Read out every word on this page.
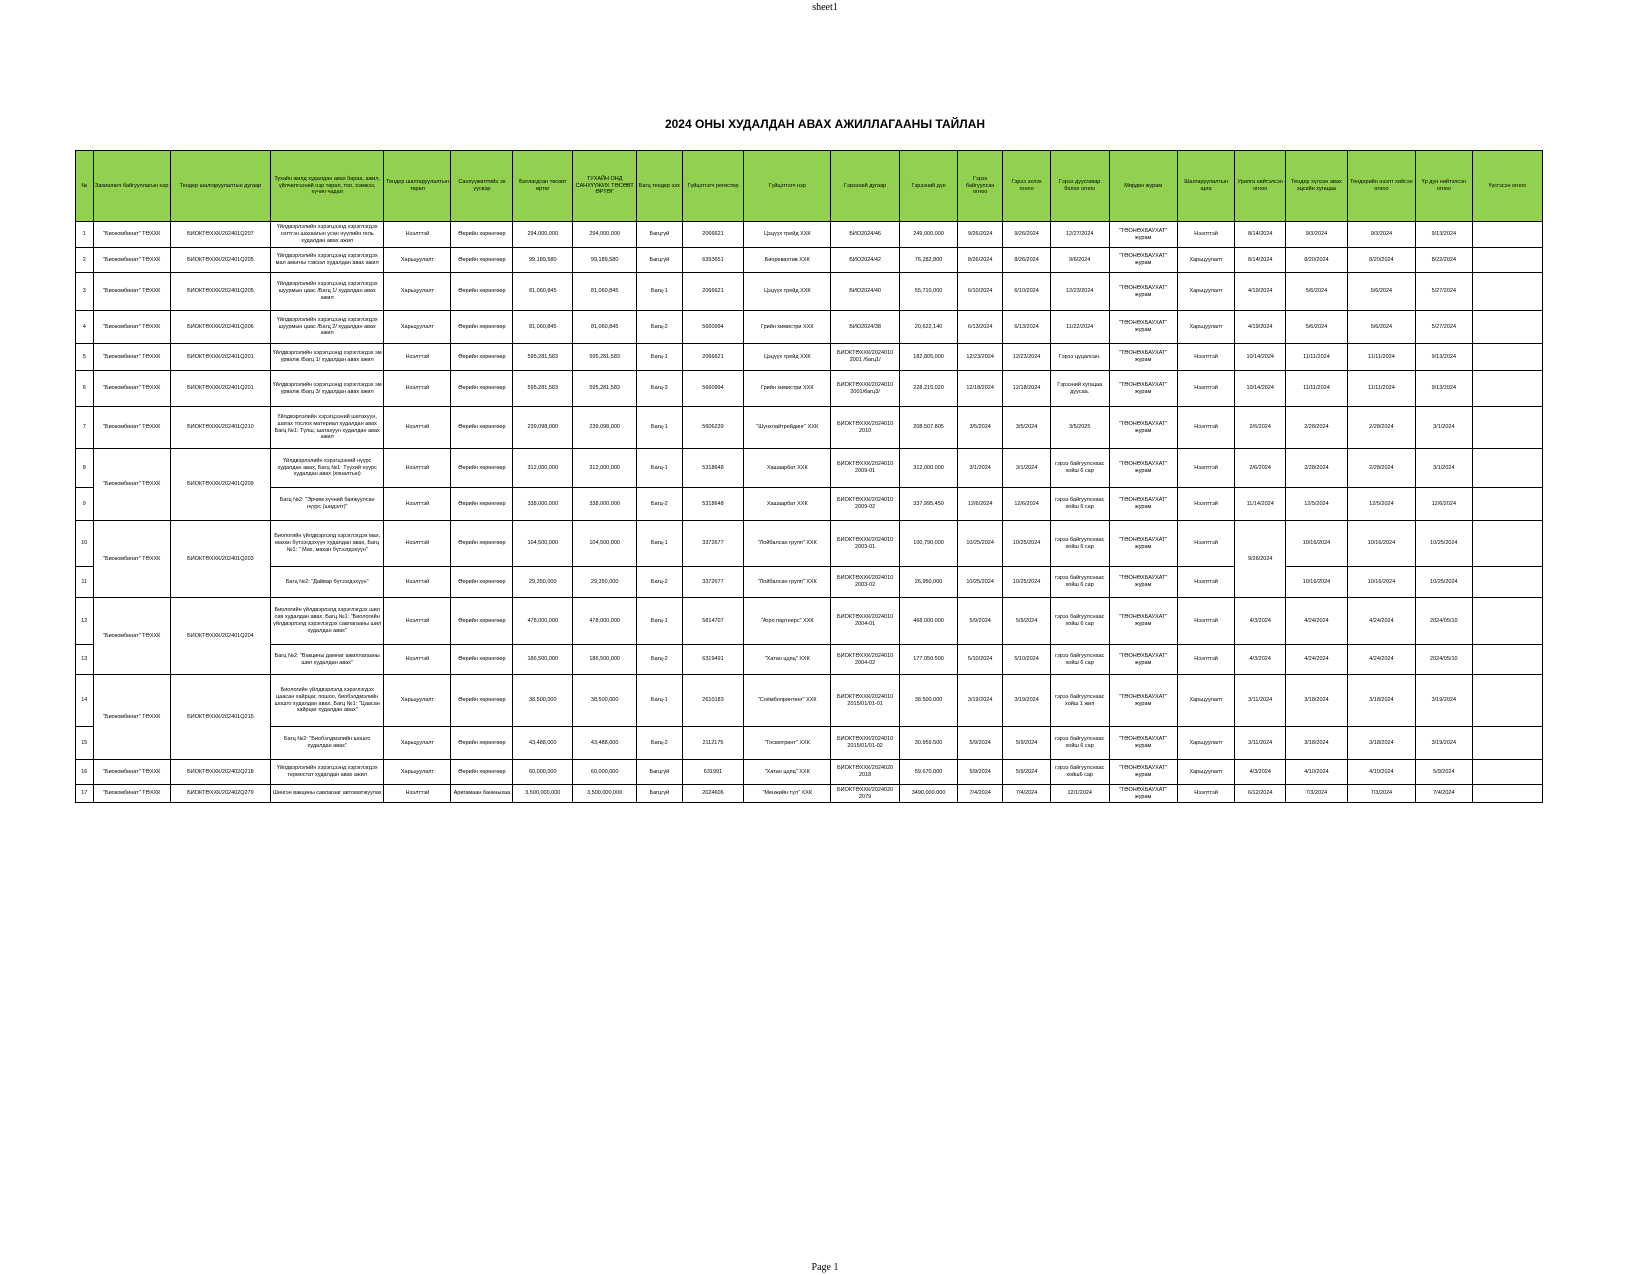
sheet1
2024 ОНЫ ХУДАЛДАН АВАХ АЖИЛЛАГААНЫ ТАЙЛАН
№	Захиалагч байгууллагын нэр	Тендер шалгаруулалтын дугаар	Тухайн жилд худалдан авах бараа, ажил, үйлчилгээний нэр төрөл, тоо, хэмжээ, хүчин чадал	Тендер шалгаруулалтын төрөл	Санхүүжилтийн эх үүсвэр	Батлагдсан төсөвт өртөг	ТУХАЙН ОНД САНХҮҮЖИХ ТӨСӨВТ ӨРТӨГ	Багц тендер ээх	Гүйцэтгэгч регистер	Гүйцэтгэгч нэр	Гэрээний дугаар	Гэрээний дүн	Гэрээ байгуулсан огноо	Гэрээ эхлэх огноо	Гэрээ дуусгавар болох огноо	Мөрдөн журам	Шалгаруулалтын арга	Урилга нийтэлсэн огноо	Тендер хүлээн авах эцсийн хугацаа	Тендерийн нээлт хийсэн огноо	Үр дүн нийтэлсэн огноо	Үүсгэсэн огноо
1	"Биокомбинат" ТӨХХК	БИОКТӨХХК/202401Q207	Үйлдвэрлэлийн хэрэгцээнд хэрэглэгдэх нэгтгэн шахаагын усан нүүлийн гель худалдан авах ажил	Нээлттэй	Өөрийн хөрөнгөөр	294,000,000	294,000,000	Багцгүй	2066621	Цэцүүх трейд ХХК	БИО2024/46	249,000,000	9/26/2024	9/26/2024	12/27/2024	"ТӨОНӨХБАУХАТ" журам	Нээлттэй	8/14/2024	9/3/2024	9/3/2024	9/13/2024	
2	"Биокомбинат" ТӨХХК	БИОКТӨХХК/202401Q205	Үйлдвэрлэлийн хэрэгцээнд хэрэглэгдэх мал амьтны тэжээл худалдан авах ажил	Харьцуулалт	Өөрийн хөрөнгөөр	99,189,580	99,189,580	Багцгүй	6393651	Биоревахтив ХХК	БИО2024/42	76,282,800	8/26/2024	8/26/2024	9/6/2024	"ТӨОНӨХБАУХАТ" журам	Харьцуулалт	8/14/2024	8/20/2024	8/20/2024	8/22/2024	
3	"Биокомбинат" ТӨХХК	БИОКТӨХХК/202401Q205	Үйлдвэрлэлийн хэрэгцээнд хэрэглэгдэх шуурмын цаас /Багц 1/ худалдан авах ажил	Харьцуулалт	Өөрийн хөрөнгөөр	81,060,845	81,060,845	Багц-1	2066621	Цэцүүх трейд ХХК	БИО2024/40	55,710,000	6/10/2024	6/10/2024	12/23/2024	"ТӨОНӨХБАУХАТ" журам	Харьцуулалт	4/19/2024	5/6/2024	5/6/2024	5/27/2024	
4	"Биокомбинат" ТӨХХК	БИОКТӨХХК/202401Q206	Үйлдвэрлэлийн хэрэгцээнд хэрэглэгдэх шуурмын цаас /Багц 2/ худалдан авах ажил	Харьцуулалт	Өөрийн хөрөнгөөр	81,060,845	81,060,845	Багц-2	5660994	Грийн химистри ХХК	БИО2024/38	20,622,140	6/13/2024	6/13/2024	11/22/2024	"ТӨОНӨХБАУХАТ" журам	Харьцуулалт	4/19/2024	5/6/2024	5/6/2024	5/27/2024	
5	"Биокомбинат" ТӨХХК	БИОКТӨХХК/202401Q201	Үйлдвэрлэлийн хэрэгцээнд хэрэглэгдэх эм урвалж /Багц 1/ худалдан авах ажил	Нээлттэй	Өөрийн хөрөнгөөр	595,281,583	595,281,583	Багц-1	2066621	Цэцүүх трейд ХХК	БИОКТӨХХК/2024010 2001 /багц1/	182,805,000	12/23/2024	12/23/2024	Гэрээ цуцалсан.	"ТӨОНӨХБАУХАТ" журам	Нээлттэй	10/14/2024	11/11/2024	11/11/2024	9/13/2024	
6	"Биокомбинат" ТӨХХК	БИОКТӨХХК/202401Q201	Үйлдвэрлэлийн хэрэгцээнд хэрэглэгдэх эм урвалж /Багц 3/ худалдан авах ажил	Нээлттэй	Өөрийн хөрөнгөөр	595,281,583	595,281,583	Багц-3	5660994	Грийн химистри ХХК	БИОКТӨХХК/2024010 2001/багц3/	228,215,020	12/18/2024	12/18/2024	Гэрээний хугацаа дуусаа.	"ТӨОНӨХБАУХАТ" журам	Нээлттэй	10/14/2024	11/11/2024	11/11/2024	9/13/2024	
7	"Биокомбинат" ТӨХХК	БИОКТӨХХК/202401Q210	Үйлдвэрлэлийн хэрэгцээний шатахуун, шатах тослох материал худалдан авах Багц №1: Түлш, шатахуун худалдан авах ажил	Нээлттэй	Өөрийн хөрөнгөөр	239,098,000	239,098,000	Багц-1	5606239	"Шунхлайтрейдинг" ХХК	БИОКТӨХХК/2024010 2010	208.507.805	3/5/2024	3/5/2024	3/5/2025	"ТӨОНӨХБАУХАТ" журам	Нээлттэй	2/6/2024	2/28/2024	2/28/2024	3/1/2024	
8	"Биокомбинат" ТӨХХК	БИОКТӨХХК/202401Q209	Үйлдвэрлэлийн хэрэгцээний нүүрс худалдан авах, Багц №1: Түүхий нүүрс худалдан авах (хяналтын)	Нээлттэй	Өөрийн хөрөнгөөр	312,000,000	312,000,000	Багц-1	5318648	Хашаарбат ХХК	БИОКТӨХХК/2024010 2009-01	312.000.000	3/1/2024	3/1/2024	гэрээ байгуулснаас хойш 6 сар	"ТӨОНӨХБАУХАТ" журам	Нээлттэй	2/6/2024	2/28/2024	2/28/2024	3/1/2024	
9			Багц №2: "Эрчим хүчний баяжуулсан нүүрс (шидэлт)"	Нээлттэй	Өөрийн хөрөнгөөр	338,000,000	338,000,000	Багц-2	5318648	Хашаарбат ХХК	БИОКТӨХХК/2024010 2009-02	337,995,450	12/6/2024	12/6/2024	гэрээ байгуулснаас хойш 6 сар	"ТӨОНӨХБАУХАТ" журам	Нээлттэй	11/14/2024	12/5/2024	12/5/2024	12/6/2024	
10	"Биокомбинат" ТӨХХК	БИОКТӨХХК/202401Q203	Биологийн үйлдвэрлэлд хэрэглэгдэх мах, махан бүтээгдэхүүн худалдан авах, Багц №1: " Мах, махан бүтээгдэхүүн"	Нээлттэй	Өөрийн хөрөнгөөр	104,500,000	104,500,000	Багц-1	3372677	"Лойбалсан групп" ХХК	БИОКТӨХХК/2024010 2003-01	100,790,000	10/25/2024	10/25/2024	гэрээ байгуулснаас хойш 6 сар	"ТӨОНӨХБАУХАТ" журам	Нээлттэй	9/26/2024	10/16/2024	10/16/2024	10/25/2024	
11			Багц №2: "Дайвар бүтээгдэхүүн"	Нээлттэй	Өөрийн хөрөнгөөр	29,350,000	29,350,000	Багц-2	3372677	"Лойбалсан групп" ХХК	БИОКТӨХХК/2024010 2003-02	26,950,000	10/25/2024	10/25/2024	гэрээ байгуулснаас хойш 6 сар	"ТӨОНӨХБАУХАТ" журам	Нээлттэй		10/16/2024	10/16/2024	10/25/2024	
12	"Биокомбинат" ТӨХХК	БИОКТӨХХК/202401Q204	Биологийн үйлдвэрлэлд хэрэглэгдэх шил сав худалдан авах, Багц №1: "Биологийн үйлдвэрлэлд хэрэглэгдэх савлагааны шил худалдан авах"	Нээлттэй	Өөрийн хөрөнгөөр	478,000,000	478,000,000	Багц-1	5814707	"Агро партнерс" ХХК	БИОКТӨХХК/2024010 2004-01	468.000.000	5/9/2024	5/9/2024	гэрээ байгуулснаас хойш 6 сар	"ТӨОНӨХБАУХАТ" журам	Нээлттэй	4/3/2024	4/24/2024	4/24/2024	2024/05/10	
13			Багц №2: "Вакцины дамнаг ажиллагааны шил худалдан авах"	Нээлттэй	Өөрийн хөрөнгөөр	186,500,000	186,500,000	Багц-2	6319491	"Хатан ццпц" ХХК	БИОКТӨХХК/2024010 2004-02	177.050.500	5/10/2024	5/10/2024	гэрээ байгуулснаас хойш 6 сар	"ТӨОНӨХБАУХАТ" журам	Нээлттэй	4/3/2024	4/24/2024	4/24/2024	2024/05/10	
14	"Биокомбинат" ТӨХХК	БИОКТӨХХК/202401Q215	Биологийн үйлдвэрлэлд хэрэглэгдэх цаасан хайрцаг, пошоо, биобэлдмэлийн шошго худалдан авах. Багц №1: "Цаасан хайрцаг худалдан авах"	Харьцуулалт	Өөрийн хөрөнгөөр	38,500,000	38,500,000	Багц-1	2610183	"Соёмбопринтинг" ХХК	БИОКТӨХХК/2024010 2015/01/01-01	38.500.000	3/19/2024	3/19/2024	гэрээ байгуулснаас хойш 1 жил	"ТӨОНӨХБАУХАТ" журам	Харьцуулалт	3/11/2024	3/18/2024	3/18/2024	3/19/2024	
15			Багц №2: "Биобэлдмэлийн шошго худалдан авах"	Харьцуулалт	Өөрийн хөрөнгөөр	43,488,000	43,488,000	Багц-2	2112175	"Госмотринт" ХХК	БИОКТӨХХК/2024010 2015/01/01-02	30.959.500	5/9/2024	5/9/2024	гэрээ байгуулснаас хойш 6 сар	"ТӨОНӨХБАУХАТ" журам	Харьцуулалт	3/11/2024	3/18/2024	3/18/2024	3/19/2024	
16	"Биокомбинат" ТӨХХК	БИОКТӨХХК/202402Q218	Үйлдвэрлэлийн хэрэгцээнд хэрэглэгдэх термостат худалдан авах ажил	Харьцуулалт	Өөрийн хөрөнгөөр	60,000,000	60,000,000	Багцгүй	631991	"Хатан ццпц" ХХК	БИОКТӨХХК/2024020 2018	59.670.000	5/9/2024	5/9/2024	гэрээ байгуулснаас хойш6 сар	"ТӨОНӨХБАУХАТ" журам	Харьцуулалт	4/3/2024	4/10/2024	4/10/2024	5/9/2024	
17	"Биокомбинат" ТӨХХК	БИОКТӨХХК/202402Q279	Шингэн вакцины савлагааг автоматжуулах	Нээлттэй	Аригамаан банкныхаа	3,500,000,000	3,500,000,000	Багцгүй	2024606	"Менжийн түл" ХХК	БИОКТӨХХК/2024020 2079	3490.000.000	7/4/2024	7/4/2024	12/1/2024	"ТӨОНӨХБАУХАТ" журам	Нээлттэй	6/12/2024	7/3/2024	7/3/2024	7/4/2024	
Page 1
